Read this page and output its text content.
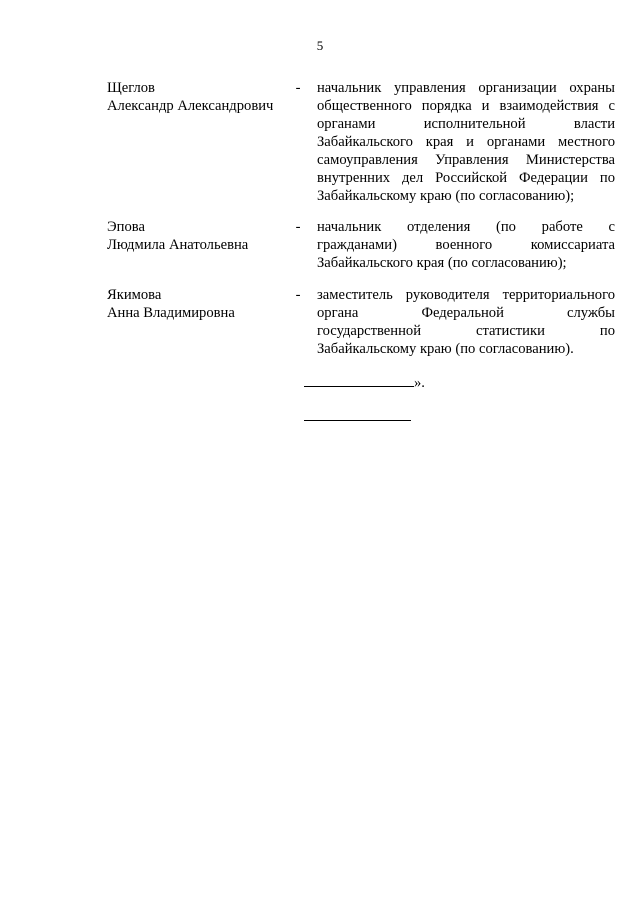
5
Щеглов
Александр Александрович
- начальник управления организации охраны
общественного порядка и взаимодействия с
органами исполнительной власти
Забайкальского края и органами местного
самоуправления Управления Министерства
внутренних дел Российской Федерации по
Забайкальскому краю (по согласованию);
Эпова
Людмила Анатольевна
- начальник отделения (по работе с
гражданами) военного комиссариата
Забайкальского края (по согласованию);
Якимова
Анна Владимировна
- заместитель руководителя территориального
органа Федеральной службы
государственной статистики по
Забайкальскому краю (по согласованию).
».
